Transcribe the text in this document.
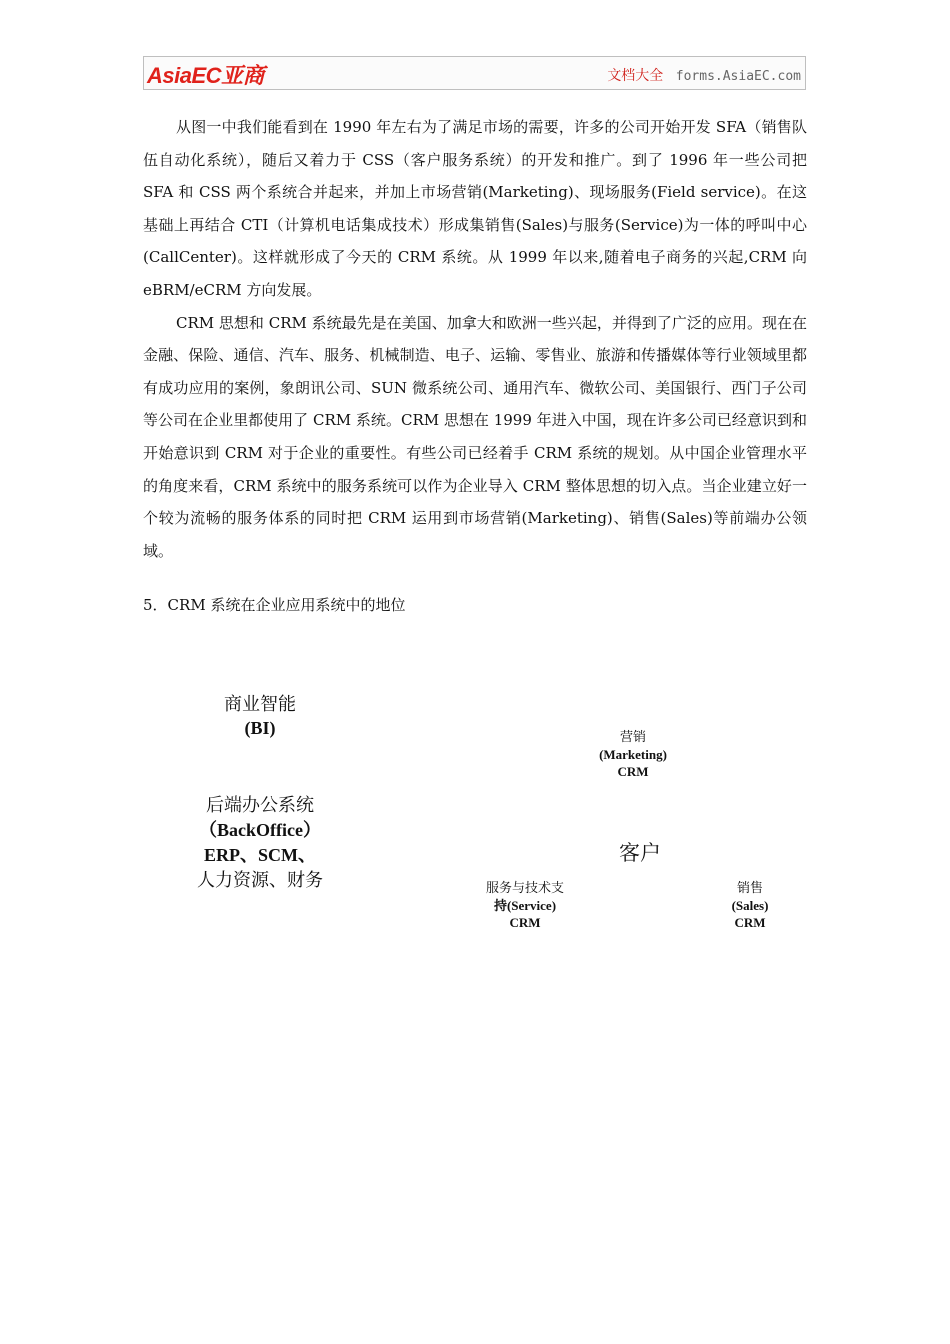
AsiaEC亚商	文档大全 forms.AsiaEC.com

从图一中我们能看到在 1990 年左右为了满足市场的需要，许多的公司开始开发 SFA（销售队伍自动化系统），随后又着力于 CSS（客户服务系统）的开发和推广。到了 1996 年一些公司把 SFA 和 CSS 两个系统合并起来，并加上市场营销(Marketing)、现场服务(Field service)。在这基础上再结合 CTI（计算机电话集成技术）形成集销售(Sales)与服务(Service)为一体的呼叫中心(CallCenter)。这样就形成了今天的 CRM 系统。从 1999 年以来,随着电子商务的兴起,CRM 向 eBRM/eCRM 方向发展。

CRM 思想和 CRM 系统最先是在美国、加拿大和欧洲一些兴起，并得到了广泛的应用。现在在金融、保险、通信、汽车、服务、机械制造、电子、运输、零售业、旅游和传播媒体等行业领域里都有成功应用的案例，象朗讯公司、SUN 微系统公司、通用汽车、微软公司、美国银行、西门子公司等公司在企业里都使用了 CRM 系统。CRM 思想在 1999 年进入中国，现在许多公司已经意识到和开始意识到 CRM 对于企业的重要性。有些公司已经着手 CRM 系统的规划。从中国企业管理水平的角度来看，CRM 系统中的服务系统可以作为企业导入 CRM 整体思想的切入点。当企业建立好一个较为流畅的服务体系的同时把 CRM 运用到市场营销(Marketing)、销售(Sales)等前端办公领域。

5．CRM 系统在企业应用系统中的地位
商业智能
(BI)
后端办公系统
（BackOffice）
ERP、SCM、
人力资源、财务
营销
(Marketing)
CRM
客户
服务与技术支
持(Service)
CRM
销售
(Sales)
CRM
